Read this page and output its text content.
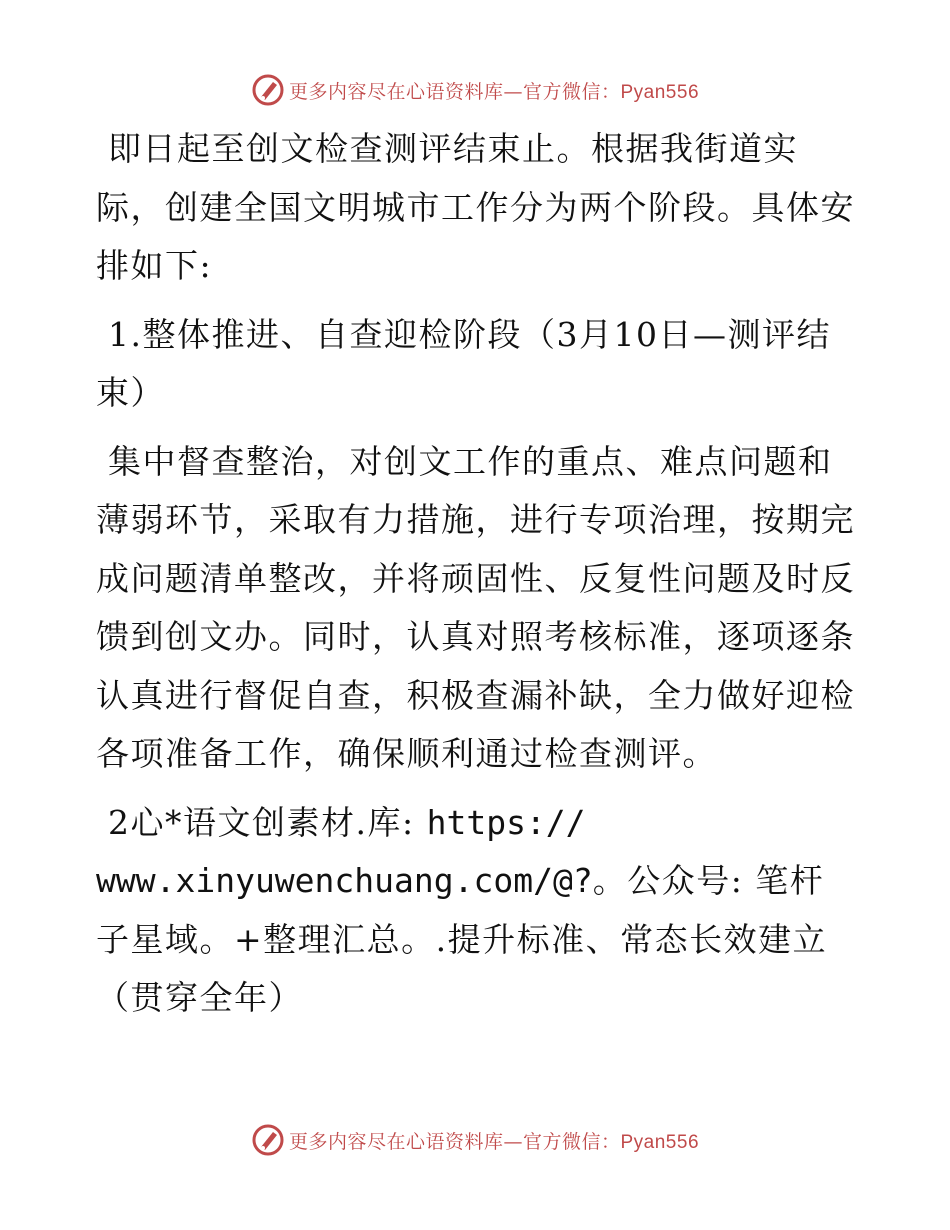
更多内容尽在心语资料库—官方微信：Pyan556

即日起至创文检查测评结束止。根据我街道实际，创建全国文明城市工作分为两个阶段。具体安排如下:

1.整体推进、自查迎检阶段（3月10日—测评结束）

集中督查整治，对创文工作的重点、难点问题和薄弱环节，采取有力措施，进行专项治理，按期完成问题清单整改，并将顽固性、反复性问题及时反馈到创文办。同时，认真对照考核标准，逐项逐条认真进行督促自查，积极查漏补缺，全力做好迎检各项准备工作，确保顺利通过检查测评。

2心*语文创素材.库: https://
www.xinyuwenchuang.com/@?。公众号: 笔杆子星域。+整理汇总。.提升标准、常态长效建立（贯穿全年）

更多内容尽在心语资料库—官方微信：Pyan556
